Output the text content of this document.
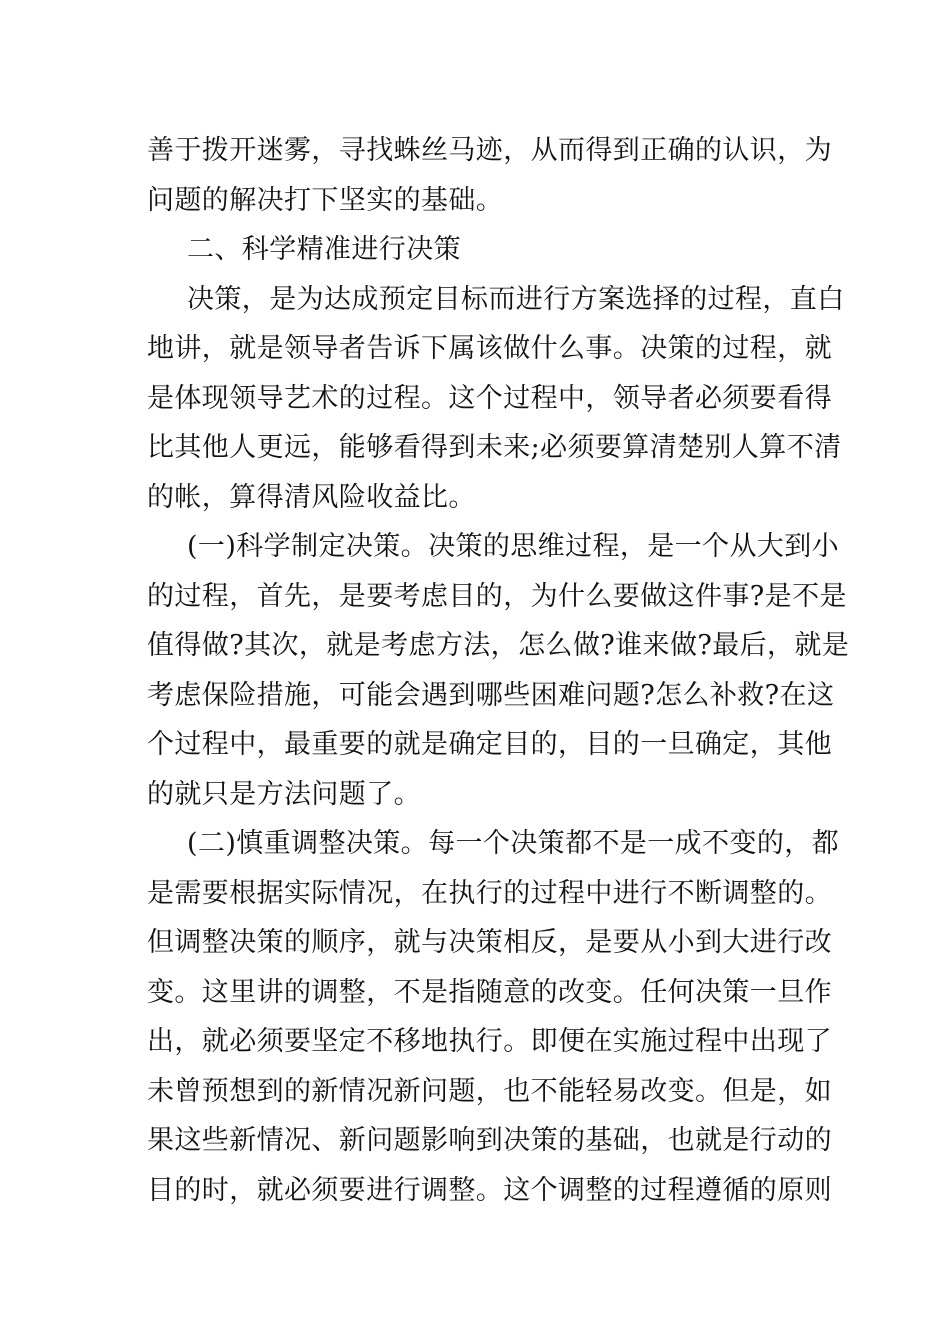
善于拨开迷雾，寻找蛛丝马迹，从而得到正确的认识，为
问题的解决打下坚实的基础。
二、科学精准进行决策
决策，是为达成预定目标而进行方案选择的过程，直白
地讲，就是领导者告诉下属该做什么事。决策的过程，就
是体现领导艺术的过程。这个过程中，领导者必须要看得
比其他人更远，能够看得到未来;必须要算清楚别人算不清
的帐，算得清风险收益比。
(一)科学制定决策。决策的思维过程，是一个从大到小
的过程，首先，是要考虑目的，为什么要做这件事?是不是
值得做?其次，就是考虑方法，怎么做?谁来做?最后，就是
考虑保险措施，可能会遇到哪些困难问题?怎么补救?在这
个过程中，最重要的就是确定目的，目的一旦确定，其他
的就只是方法问题了。
(二)慎重调整决策。每一个决策都不是一成不变的，都
是需要根据实际情况，在执行的过程中进行不断调整的。
但调整决策的顺序，就与决策相反，是要从小到大进行改
变。这里讲的调整，不是指随意的改变。任何决策一旦作
出，就必须要坚定不移地执行。即便在实施过程中出现了
未曾预想到的新情况新问题，也不能轻易改变。但是，如
果这些新情况、新问题影响到决策的基础，也就是行动的
目的时，就必须要进行调整。这个调整的过程遵循的原则
